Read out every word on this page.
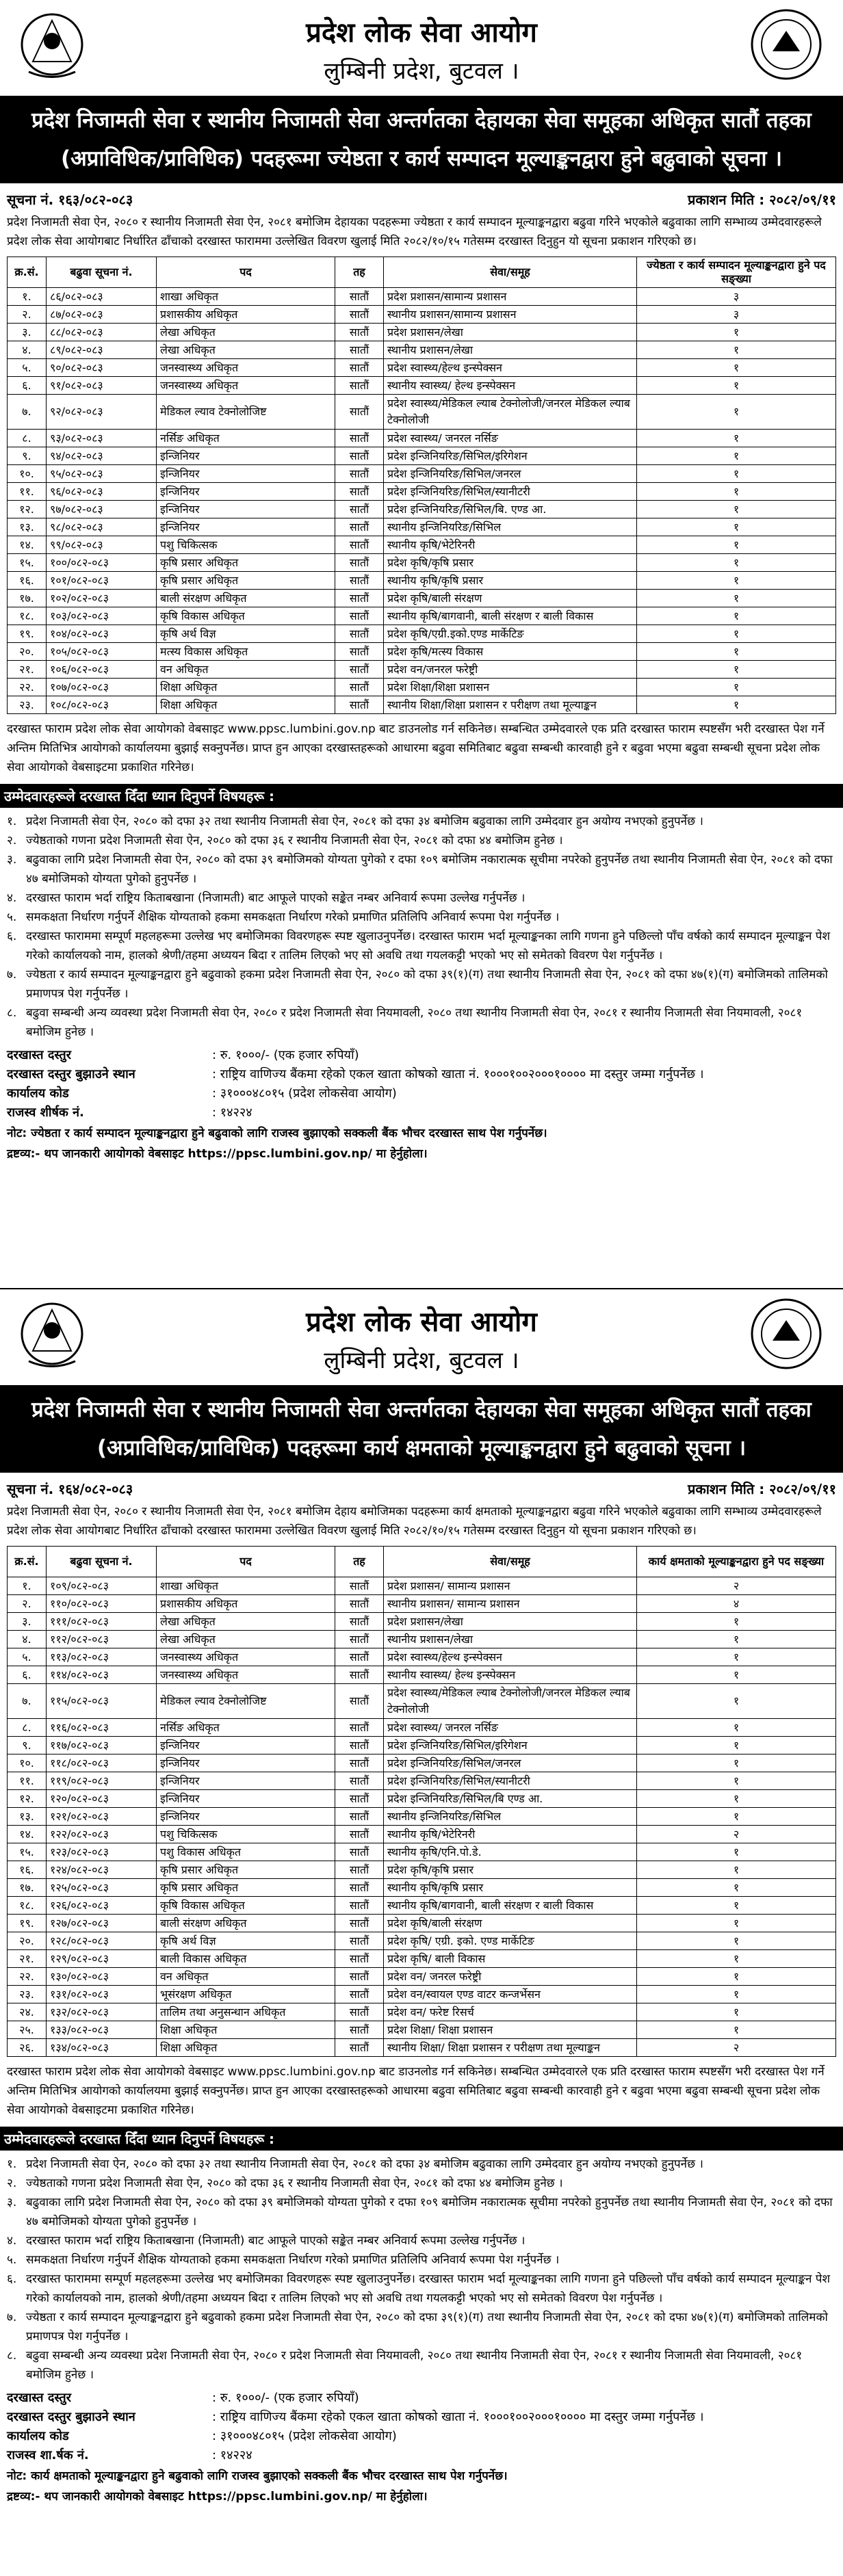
प्रदेश लोक सेवा आयोग
लुम्बिनी प्रदेश, बुटवल ।
प्रदेश निजामती सेवा र स्थानीय निजामती सेवा अन्तर्गतका देहायका सेवा समूहका अधिकृत सातौं तहका
(अप्राविधिक/प्राविधिक) पदहरूमा ज्येष्ठता र कार्य सम्पादन मूल्याङ्कनद्वारा हुने बढुवाको सूचना ।
सूचना नं. १६३/०८२-०८३	प्रकाशन मिति : २०८२/०९/११
प्रदेश निजामती सेवा ऐन, २०८० र स्थानीय निजामती सेवा ऐन, २०८१ बमोजिम देहायका पदहरूमा ज्येष्ठता र कार्य सम्पादन मूल्याङ्कनद्वारा बढुवा गरिने भएकोले बढुवाका लागि सम्भाव्य उम्मेदवारहरूले प्रदेश लोक सेवा आयोगबाट निर्धारित ढाँचाको दरखास्त फाराममा उल्लेखित विवरण खुलाई मिति २०८२/१०/१५ गतेसम्म दरखास्त दिनुहुन यो सूचना प्रकाशन गरिएको छ।
क्र.सं.	बढुवा सूचना नं.	पद	तह	सेवा/समूह	ज्येष्ठता र कार्य सम्पादन मूल्याङ्कनद्वारा हुने पद सङ्ख्या
१.	८६/०८२-०८३	शाखा अधिकृत	सातौं	प्रदेश प्रशासन/सामान्य प्रशासन	३
२.	८७/०८२-०८३	प्रशासकीय अधिकृत	सातौं	स्थानीय प्रशासन/सामान्य प्रशासन	३
३.	८८/०८२-०८३	लेखा अधिकृत	सातौं	प्रदेश प्रशासन/लेखा	१
४.	८९/०८२-०८३	लेखा अधिकृत	सातौं	स्थानीय प्रशासन/लेखा	१
५.	९०/०८२-०८३	जनस्वास्थ्य अधिकृत	सातौं	प्रदेश स्वास्थ्य/हेल्थ इन्स्पेक्सन	१
६.	९१/०८२-०८३	जनस्वास्थ्य अधिकृत	सातौं	स्थानीय स्वास्थ्य/ हेल्थ इन्स्पेक्सन	१
७.	९२/०८२-०८३	मेडिकल ल्याव टेक्नोलोजिष्ट	सातौं	प्रदेश स्वास्थ्य/मेडिकल ल्याब टेक्नोलोजी/जनरल मेडिकल ल्याब टेक्नोलोजी	१
८.	९३/०८२-०८३	नर्सिङ अधिकृत	सातौं	प्रदेश स्वास्थ्य/ जनरल नर्सिङ	१
९.	९४/०८२-०८३	इन्जिनियर	सातौं	प्रदेश इन्जिनियरिङ/सिभिल/इरिगेशन	१
१०.	९५/०८२-०८३	इन्जिनियर	सातौं	प्रदेश इन्जिनियरिङ/सिभिल/जनरल	१
११.	९६/०८२-०८३	इन्जिनियर	सातौं	प्रदेश इन्जिनियरिङ/सिभिल/स्यानीटरी	१
१२.	९७/०८२-०८३	इन्जिनियर	सातौं	प्रदेश इन्जिनियरिङ/सिभिल/बि. एण्ड आ.	१
१३.	९८/०८२-०८३	इन्जिनियर	सातौं	स्थानीय इन्जिनियरिङ/सिभिल	१
१४.	९९/०८२-०८३	पशु चिकित्सक	सातौं	स्थानीय कृषि/भेटेरिनरी	१
१५.	१००/०८२-०८३	कृषि प्रसार अधिकृत	सातौं	प्रदेश कृषि/कृषि प्रसार	१
१६.	१०१/०८२-०८३	कृषि प्रसार अधिकृत	सातौं	स्थानीय कृषि/कृषि प्रसार	१
१७.	१०२/०८२-०८३	बाली संरक्षण अधिकृत	सातौं	प्रदेश कृषि/बाली संरक्षण	१
१८.	१०३/०८२-०८३	कृषि विकास अधिकृत	सातौं	स्थानीय कृषि/बागवानी, बाली संरक्षण र बाली विकास	१
१९.	१०४/०८२-०८३	कृषि अर्थ विज्ञ	सातौं	प्रदेश कृषि/एग्री.इको.एण्ड मार्केटिङ	१
२०.	१०५/०८२-०८३	मत्स्य विकास अधिकृत	सातौं	प्रदेश कृषि/मत्स्य विकास	१
२१.	१०६/०८२-०८३	वन अधिकृत	सातौं	प्रदेश वन/जनरल फरेष्ट्री	१
२२.	१०७/०८२-०८३	शिक्षा अधिकृत	सातौं	प्रदेश शिक्षा/शिक्षा प्रशासन	१
२३.	१०८/०८२-०८३	शिक्षा अधिकृत	सातौं	स्थानीय शिक्षा/शिक्षा प्रशासन र परीक्षण तथा मूल्याङ्कन	१
दरखास्त फाराम प्रदेश लोक सेवा आयोगको वेबसाइट www.ppsc.lumbini.gov.np बाट डाउनलोड गर्न सकिनेछ। सम्बन्धित उम्मेदवारले एक प्रति दरखास्त फाराम स्पष्टसँग भरी दरखास्त पेश गर्ने अन्तिम मितिभित्र आयोगको कार्यालयमा बुझाई सक्नुपर्नेछ। प्राप्त हुन आएका दरखास्तहरूको आधारमा बढुवा समितिबाट बढुवा सम्बन्धी कारवाही हुने र बढुवा भएमा बढुवा सम्बन्धी सूचना प्रदेश लोक सेवा आयोगको वेबसाइटमा प्रकाशित गरिनेछ।
उम्मेदवारहरूले दरखास्त दिँदा ध्यान दिनुपर्ने विषयहरू :
१. प्रदेश निजामती सेवा ऐन, २०८० को दफा ३२ तथा स्थानीय निजामती सेवा ऐन, २०८१ को दफा ३४ बमोजिम बढुवाका लागि उम्मेदवार हुन अयोग्य नभएको हुनुपर्नेछ ।
२. ज्येष्ठताको गणना प्रदेश निजामती सेवा ऐन, २०८० को दफा ३६ र स्थानीय निजामती सेवा ऐन, २०८१ को दफा ४४ बमोजिम हुनेछ ।
३. बढुवाका लागि प्रदेश निजामती सेवा ऐन, २०८० को दफा ३९ बमोजिमको योग्यता पुगेको र दफा १०९ बमोजिम नकारात्मक सूचीमा नपरेको हुनुपर्नेछ तथा स्थानीय निजामती सेवा ऐन, २०८१ को दफा ४७ बमोजिमको योग्यता पुगेको हुनुपर्नेछ ।
४. दरखास्त फाराम भर्दा राष्ट्रिय किताबखाना (निजामती) बाट आफूले पाएको सङ्केत नम्बर अनिवार्य रूपमा उल्लेख गर्नुपर्नेछ ।
५. समकक्षता निर्धारण गर्नुपर्ने शैक्षिक योग्यताको हकमा समकक्षता निर्धारण गरेको प्रमाणित प्रतिलिपि अनिवार्य रूपमा पेश गर्नुपर्नेछ ।
६. दरखास्त फाराममा सम्पूर्ण महलहरूमा उल्लेख भए बमोजिमका विवरणहरू स्पष्ट खुलाउनुपर्नेछ। दरखास्त फाराम भर्दा मूल्याङ्कनका लागि गणना हुने पछिल्लो पाँच वर्षको कार्य सम्पादन मूल्याङ्कन पेश गरेको कार्यालयको नाम, हालको श्रेणी/तहमा अध्ययन बिदा र तालिम लिएको भए सो अवधि तथा गयलकट्टी भएको भए सो समेतको विवरण पेश गर्नुपर्नेछ ।
७. ज्येष्ठता र कार्य सम्पादन मूल्याङ्कनद्वारा हुने बढुवाको हकमा प्रदेश निजामती सेवा ऐन, २०८० को दफा ३९(१)(ग) तथा स्थानीय निजामती सेवा ऐन, २०८१ को दफा ४७(१)(ग) बमोजिमको तालिमको प्रमाणपत्र पेश गर्नुपर्नेछ ।
८. बढुवा सम्बन्धी अन्य व्यवस्था प्रदेश निजामती सेवा ऐन, २०८० र प्रदेश निजामती सेवा नियमावली, २०८० तथा स्थानीय निजामती सेवा ऐन, २०८१ र स्थानीय निजामती सेवा नियमावली, २०८१ बमोजिम हुनेछ ।
दरखास्त दस्तुर	: रु. १०००/- (एक हजार रुपियाँ)
दरखास्त दस्तुर बुझाउने स्थान	: राष्ट्रिय वाणिज्य बैंकमा रहेको एकल खाता कोषको खाता नं. १०००१००२०००१०००० मा दस्तुर जम्मा गर्नुपर्नेछ ।
कार्यालय कोड	: ३१०००४८०१५ (प्रदेश लोकसेवा आयोग)
राजस्व शीर्षक नं.	: १४२२४
नोट: ज्येष्ठता र कार्य सम्पादन मूल्याङ्कनद्वारा हुने बढुवाको लागि राजस्व बुझाएको सक्कली बैंक भौचर दरखास्त साथ पेश गर्नुपर्नेछ।
द्रष्टव्य:- थप जानकारी आयोगको वेबसाइट https://ppsc.lumbini.gov.np/ मा हेर्नुहोला।
प्रदेश लोक सेवा आयोग
लुम्बिनी प्रदेश, बुटवल ।
प्रदेश निजामती सेवा र स्थानीय निजामती सेवा अन्तर्गतका देहायका सेवा समूहका अधिकृत सातौं तहका
(अप्राविधिक/प्राविधिक) पदहरूमा कार्य क्षमताको मूल्याङ्कनद्वारा हुने बढुवाको सूचना ।
सूचना नं. १६४/०८२-०८३	प्रकाशन मिति : २०८२/०९/११
प्रदेश निजामती सेवा ऐन, २०८० र स्थानीय निजामती सेवा ऐन, २०८१ बमोजिम देहाय बमोजिमका पदहरूमा कार्य क्षमताको मूल्याङ्कनद्वारा बढुवा गरिने भएकोले बढुवाका लागि सम्भाव्य उम्मेदवारहरूले प्रदेश लोक सेवा आयोगबाट निर्धारित ढाँचाको दरखास्त फाराममा उल्लेखित विवरण खुलाई मिति २०८२/१०/१५ गतेसम्म दरखास्त दिनुहुन यो सूचना प्रकाशन गरिएको छ।
क्र.सं.	बढुवा सूचना नं.	पद	तह	सेवा/समूह	कार्य क्षमताको मूल्याङ्कनद्वारा हुने पद सङ्ख्या
१.	१०९/०८२-०८३	शाखा अधिकृत	सातौं	प्रदेश प्रशासन/ सामान्य प्रशासन	२
२.	११०/०८२-०८३	प्रशासकीय अधिकृत	सातौं	स्थानीय प्रशासन/ सामान्य प्रशासन	४
३.	१११/०८२-०८३	लेखा अधिकृत	सातौं	प्रदेश प्रशासन/लेखा	१
४.	११२/०८२-०८३	लेखा अधिकृत	सातौं	स्थानीय प्रशासन/लेखा	१
५.	११३/०८२-०८३	जनस्वास्थ्य अधिकृत	सातौं	प्रदेश स्वास्थ्य/हेल्थ इन्स्पेक्सन	१
६.	११४/०८२-०८३	जनस्वास्थ्य अधिकृत	सातौं	स्थानीय स्वास्थ्य/ हेल्थ इन्स्पेक्सन	१
७.	११५/०८२-०८३	मेडिकल ल्याव टेक्नोलोजिष्ट	सातौं	प्रदेश स्वास्थ्य/मेडिकल ल्याब टेक्नोलोजी/जनरल मेडिकल ल्याब टेक्नोलोजी	१
८.	११६/०८२-०८३	नर्सिङ अधिकृत	सातौं	प्रदेश स्वास्थ्य/ जनरल नर्सिङ	१
९.	११७/०८२-०८३	इन्जिनियर	सातौं	प्रदेश इन्जिनियरिङ/सिभिल/इरिगेशन	१
१०.	११८/०८२-०८३	इन्जिनियर	सातौं	प्रदेश इन्जिनियरिङ/सिभिल/जनरल	१
११.	११९/०८२-०८३	इन्जिनियर	सातौं	प्रदेश इन्जिनियरिङ/सिभिल/स्यानीटरी	१
१२.	१२०/०८२-०८३	इन्जिनियर	सातौं	प्रदेश इन्जिनियरिङ/सिभिल/बि एण्ड आ.	१
१३.	१२१/०८२-०८३	इन्जिनियर	सातौं	स्थानीय इन्जिनियरिङ/सिभिल	१
१४.	१२२/०८२-०८३	पशु चिकित्सक	सातौं	स्थानीय कृषि/भेटेरिनरी	२
१५.	१२३/०८२-०८३	पशु विकास अधिकृत	सातौं	स्थानीय कृषि/एनि.पो.डे.	१
१६.	१२४/०८२-०८३	कृषि प्रसार अधिकृत	सातौं	प्रदेश कृषि/कृषि प्रसार	१
१७.	१२५/०८२-०८३	कृषि प्रसार अधिकृत	सातौं	स्थानीय कृषि/कृषि प्रसार	१
१८.	१२६/०८२-०८३	कृषि विकास अधिकृत	सातौं	स्थानीय कृषि/बागवानी, बाली संरक्षण र बाली विकास	१
१९.	१२७/०८२-०८३	बाली संरक्षण अधिकृत	सातौं	प्रदेश कृषि/बाली संरक्षण	१
२०.	१२८/०८२-०८३	कृषि अर्थ विज्ञ	सातौं	प्रदेश कृषि/ एग्री. इको. एण्ड मार्केटिङ	१
२१.	१२९/०८२-०८३	बाली विकास अधिकृत	सातौं	प्रदेश कृषि/ बाली विकास	१
२२.	१३०/०८२-०८३	वन अधिकृत	सातौं	प्रदेश वन/ जनरल फरेष्ट्री	१
२३.	१३१/०८२-०८३	भूसंरक्षण अधिकृत	सातौं	प्रदेश वन/स्वायल एण्ड वाटर कन्जर्भेसन	१
२४.	१३२/०८२-०८३	तालिम तथा अनुसन्धान अधिकृत	सातौं	प्रदेश वन/ फरेष्ट रिसर्च	१
२५.	१३३/०८२-०८३	शिक्षा अधिकृत	सातौं	प्रदेश शिक्षा/ शिक्षा प्रशासन	१
२६.	१३४/०८२-०८३	शिक्षा अधिकृत	सातौं	स्थानीय शिक्षा/ शिक्षा प्रशासन र परीक्षण तथा मूल्याङ्कन	२
दरखास्त फाराम प्रदेश लोक सेवा आयोगको वेबसाइट www.ppsc.lumbini.gov.np बाट डाउनलोड गर्न सकिनेछ। सम्बन्धित उम्मेदवारले एक प्रति दरखास्त फाराम स्पष्टसँग भरी दरखास्त पेश गर्ने अन्तिम मितिभित्र आयोगको कार्यालयमा बुझाई सक्नुपर्नेछ। प्राप्त हुन आएका दरखास्तहरूको आधारमा बढुवा समितिबाट बढुवा सम्बन्धी कारवाही हुने र बढुवा भएमा बढुवा सम्बन्धी सूचना प्रदेश लोक सेवा आयोगको वेबसाइटमा प्रकाशित गरिनेछ।
उम्मेदवारहरूले दरखास्त दिँदा ध्यान दिनुपर्ने विषयहरू :
१. प्रदेश निजामती सेवा ऐन, २०८० को दफा ३२ तथा स्थानीय निजामती सेवा ऐन, २०८१ को दफा ३४ बमोजिम बढुवाका लागि उम्मेदवार हुन अयोग्य नभएको हुनुपर्नेछ ।
२. ज्येष्ठताको गणना प्रदेश निजामती सेवा ऐन, २०८० को दफा ३६ र स्थानीय निजामती सेवा ऐन, २०८१ को दफा ४४ बमोजिम हुनेछ ।
३. बढुवाका लागि प्रदेश निजामती सेवा ऐन, २०८० को दफा ३९ बमोजिमको योग्यता पुगेको र दफा १०९ बमोजिम नकारात्मक सूचीमा नपरेको हुनुपर्नेछ तथा स्थानीय निजामती सेवा ऐन, २०८१ को दफा ४७ बमोजिमको योग्यता पुगेको हुनुपर्नेछ ।
४. दरखास्त फाराम भर्दा राष्ट्रिय किताबखाना (निजामती) बाट आफूले पाएको सङ्केत नम्बर अनिवार्य रूपमा उल्लेख गर्नुपर्नेछ ।
५. समकक्षता निर्धारण गर्नुपर्ने शैक्षिक योग्यताको हकमा समकक्षता निर्धारण गरेको प्रमाणित प्रतिलिपि अनिवार्य रूपमा पेश गर्नुपर्नेछ ।
६. दरखास्त फाराममा सम्पूर्ण महलहरूमा उल्लेख भए बमोजिमका विवरणहरू स्पष्ट खुलाउनुपर्नेछ। दरखास्त फाराम भर्दा मूल्याङ्कनका लागि गणना हुने पछिल्लो पाँच वर्षको कार्य सम्पादन मूल्याङ्कन पेश गरेको कार्यालयको नाम, हालको श्रेणी/तहमा अध्ययन बिदा र तालिम लिएको भए सो अवधि तथा गयलकट्टी भएको भए सो समेतको विवरण पेश गर्नुपर्नेछ ।
७. ज्येष्ठता र कार्य सम्पादन मूल्याङ्कनद्वारा हुने बढुवाको हकमा प्रदेश निजामती सेवा ऐन, २०८० को दफा ३९(१)(ग) तथा स्थानीय निजामती सेवा ऐन, २०८१ को दफा ४७(१)(ग) बमोजिमको तालिमको प्रमाणपत्र पेश गर्नुपर्नेछ ।
८. बढुवा सम्बन्धी अन्य व्यवस्था प्रदेश निजामती सेवा ऐन, २०८० र प्रदेश निजामती सेवा नियमावली, २०८० तथा स्थानीय निजामती सेवा ऐन, २०८१ र स्थानीय निजामती सेवा नियमावली, २०८१ बमोजिम हुनेछ ।
दरखास्त दस्तुर	: रु. १०००/- (एक हजार रुपियाँ)
दरखास्त दस्तुर बुझाउने स्थान	: राष्ट्रिय वाणिज्य बैंकमा रहेको एकल खाता कोषको खाता नं. १०००१००२०००१०००० मा दस्तुर जम्मा गर्नुपर्नेछ ।
कार्यालय कोड	: ३१०००४८०१५ (प्रदेश लोकसेवा आयोग)
राजस्व शा.र्षक नं.	: १४२२४
नोट: कार्य क्षमताको मूल्याङ्कनद्वारा हुने बढुवाको लागि राजस्व बुझाएको सक्कली बैंक भौचर दरखास्त साथ पेश गर्नुपर्नेछ।
द्रष्टव्य:- थप जानकारी आयोगको वेबसाइट https://ppsc.lumbini.gov.np/ मा हेर्नुहोला।
